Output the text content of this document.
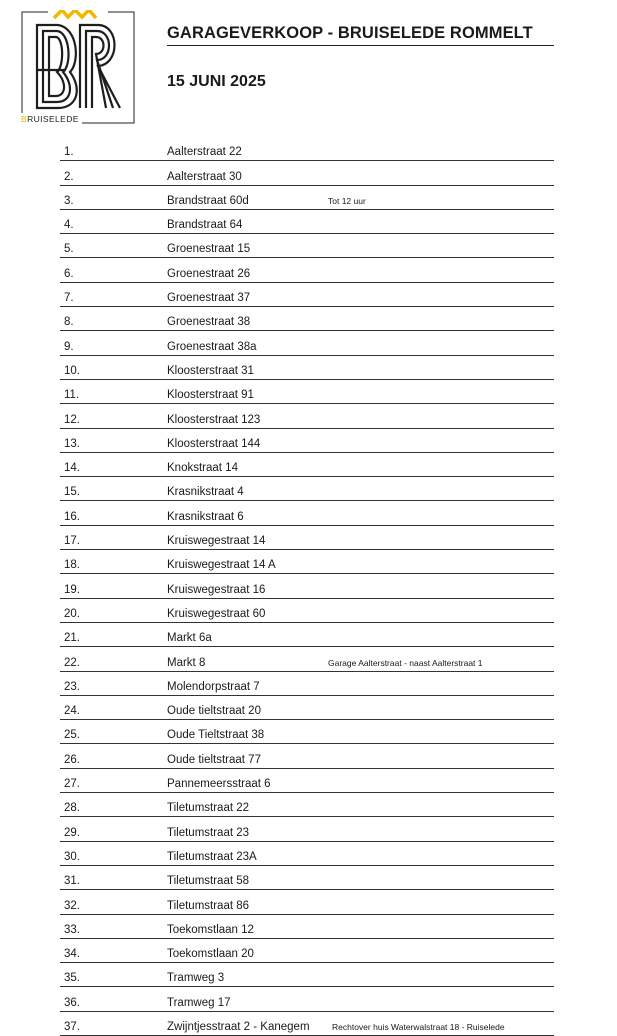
BRUISELEDE
GARAGEVERKOOP - BRUISELEDE ROMMELT
15 JUNI 2025
1.	Aalterstraat 22
2.	Aalterstraat 30
3.	Brandstraat 60d	Tot 12 uur
4.	Brandstraat 64
5.	Groenestraat 15
6.	Groenestraat 26
7.	Groenestraat 37
8.	Groenestraat 38
9.	Groenestraat 38a
10.	Kloosterstraat 31
11.	Kloosterstraat 91
12.	Kloosterstraat 123
13.	Kloosterstraat 144
14.	Knokstraat 14
15.	Krasnikstraat 4
16.	Krasnikstraat 6
17.	Kruiswegestraat 14
18.	Kruiswegestraat 14 A
19.	Kruiswegestraat 16
20.	Kruiswegestraat 60
21.	Markt 6a
22.	Markt 8	Garage Aalterstraat - naast Aalterstraat 1
23.	Molendorpstraat 7
24.	Oude tieltstraat 20
25.	Oude Tieltstraat 38
26.	Oude tieltstraat 77
27.	Pannemeersstraat 6
28.	Tiletumstraat 22
29.	Tiletumstraat 23
30.	Tiletumstraat 23A
31.	Tiletumstraat 58
32.	Tiletumstraat 86
33.	Toekomstlaan 12
34.	Toekomstlaan 20
35.	Tramweg 3
36.	Tramweg 17
37.	Zwijntjesstraat 2 - Kanegem	Rechtover huis Waterwalstraat 18 - Ruiselede
